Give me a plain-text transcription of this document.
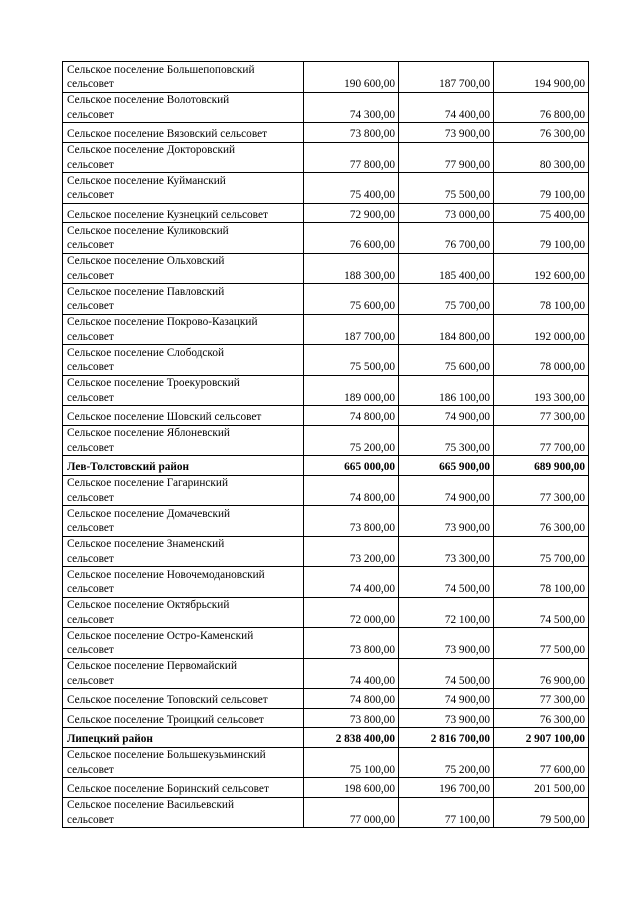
Сельское поселение Большепоповский
сельсовет	190 600,00	187 700,00	194 900,00

Сельское поселение Волотовский
сельсовет	74 300,00	74 400,00	76 800,00

Сельское поселение Вязовский сельсовет	73 800,00	73 900,00	76 300,00

Сельское поселение Докторовский
сельсовет	77 800,00	77 900,00	80 300,00

Сельское поселение Куйманский
сельсовет	75 400,00	75 500,00	79 100,00

Сельское поселение Кузнецкий сельсовет	72 900,00	73 000,00	75 400,00

Сельское поселение Куликовский
сельсовет	76 600,00	76 700,00	79 100,00

Сельское поселение Ольховский
сельсовет	188 300,00	185 400,00	192 600,00

Сельское поселение Павловский
сельсовет	75 600,00	75 700,00	78 100,00

Сельское поселение Покрово-Казацкий
сельсовет	187 700,00	184 800,00	192 000,00

Сельское поселение Слободской
сельсовет	75 500,00	75 600,00	78 000,00

Сельское поселение Троекуровский
сельсовет	189 000,00	186 100,00	193 300,00

Сельское поселение Шовский сельсовет	74 800,00	74 900,00	77 300,00

Сельское поселение Яблоневский
сельсовет	75 200,00	75 300,00	77 700,00

Лев-Толстовский район	665 000,00	665 900,00	689 900,00

Сельское поселение Гагаринский
сельсовет	74 800,00	74 900,00	77 300,00

Сельское поселение Домачевский
сельсовет	73 800,00	73 900,00	76 300,00

Сельское поселение Знаменский
сельсовет	73 200,00	73 300,00	75 700,00

Сельское поселение Новочемодановский
сельсовет	74 400,00	74 500,00	78 100,00

Сельское поселение Октябрьский
сельсовет	72 000,00	72 100,00	74 500,00

Сельское поселение Остро-Каменский
сельсовет	73 800,00	73 900,00	77 500,00

Сельское поселение Первомайский
сельсовет	74 400,00	74 500,00	76 900,00

Сельское поселение Топовский сельсовет	74 800,00	74 900,00	77 300,00

Сельское поселение Троицкий сельсовет	73 800,00	73 900,00	76 300,00

Липецкий район	2 838 400,00	2 816 700,00	2 907 100,00

Сельское поселение Большекузьминский
сельсовет	75 100,00	75 200,00	77 600,00

Сельское поселение Боринский сельсовет	198 600,00	196 700,00	201 500,00

Сельское поселение Васильевский
сельсовет	77 000,00	77 100,00	79 500,00
